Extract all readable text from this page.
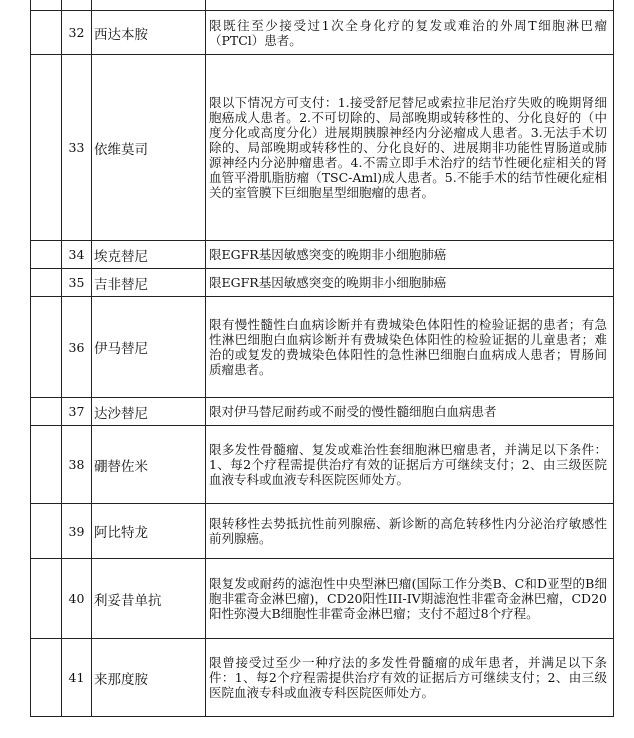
	32	西达本胺	限既往至少接受过1次全身化疗的复发或难治的外周T细胞淋巴瘤（PTCl）患者。
	33	依维莫司	限以下情况方可支付：1.接受舒尼替尼或索拉非尼治疗失败的晚期肾细胞癌成人患者。2.不可切除的、局部晚期或转移性的、分化良好的（中度分化或高度分化）进展期胰腺神经内分泌瘤成人患者。3.无法手术切除的、局部晚期或转移性的、分化良好的、进展期非功能性胃肠道或肺源神经内分泌肿瘤患者。4.不需立即手术治疗的结节性硬化症相关的肾血管平滑肌脂肪瘤（TSC-Aml)成人患者。5.不能手术的结节性硬化症相关的室管膜下巨细胞星型细胞瘤的患者。
	34	埃克替尼	限EGFR基因敏感突变的晚期非小细胞肺癌
	35	吉非替尼	限EGFR基因敏感突变的晚期非小细胞肺癌
	36	伊马替尼	限有慢性髓性白血病诊断并有费城染色体阳性的检验证据的患者；有急性淋巴细胞白血病诊断并有费城染色体阳性的检验证据的儿童患者；难治的或复发的费城染色体阳性的急性淋巴细胞白血病成人患者；胃肠间质瘤患者。
	37	达沙替尼	限对伊马替尼耐药或不耐受的慢性髓细胞白血病患者
	38	硼替佐米	限多发性骨髓瘤、复发或难治性套细胞淋巴瘤患者，并满足以下条件：1、每2个疗程需提供治疗有效的证据后方可继续支付；2、由三级医院血液专科或血液专科医院医师处方。
	39	阿比特龙	限转移性去势抵抗性前列腺癌、新诊断的高危转移性内分泌治疗敏感性前列腺癌。
	40	利妥昔单抗	限复发或耐药的滤泡性中央型淋巴瘤(国际工作分类B、C和D亚型的B细胞非霍奇金淋巴瘤)，CD20阳性III-IV期滤泡性非霍奇金淋巴瘤，CD20阳性弥漫大B细胞性非霍奇金淋巴瘤；支付不超过8个疗程。
	41	来那度胺	限曾接受过至少一种疗法的多发性骨髓瘤的成年患者，并满足以下条件：1、每2个疗程需提供治疗有效的证据后方可继续支付；2、由三级医院血液专科或血液专科医院医师处方。
